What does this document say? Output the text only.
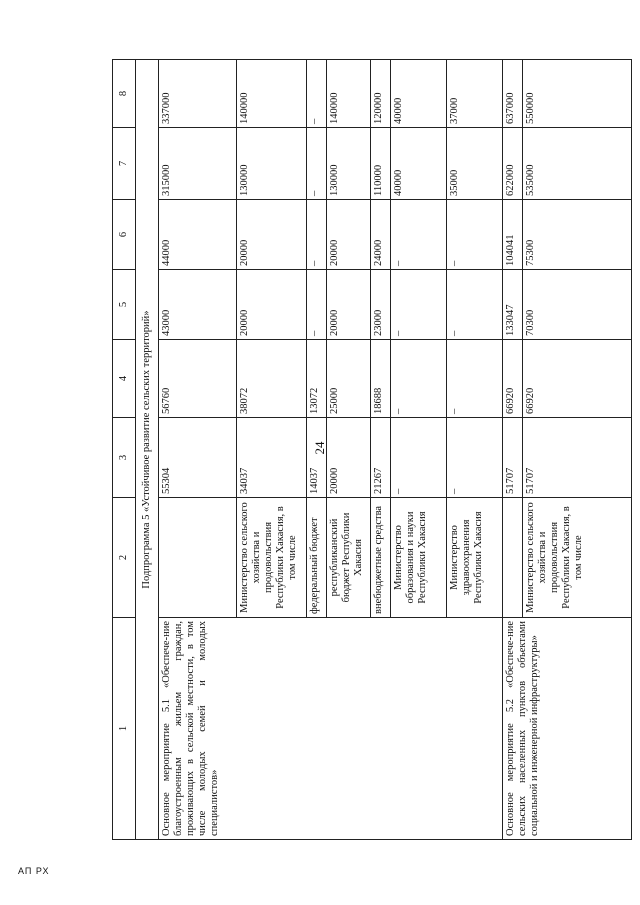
24
АП РХ
1	2	3	4	5	6	7	8
Подпрограмма 5 «Устойчивое развитие сельских территорий»							
Основное мероприятие 5.1 «Обеспече-ние благоустроенным жильем граждан, проживающих в сельской местности, в том числе молодых семей и молодых специалистов»		55304	56760	43000	44000	315000	337000
	Министерство сельского хозяйства и продовольствия Республики Хакасия, в том числе	34037	38072	20000	20000	130000	140000
	федеральный бюджет	14037	13072	–	–	–	–
	республиканский бюджет Республики Хакасия	20000	25000	20000	20000	130000	140000
	внебюджетные средства	21267	18688	23000	24000	110000	120000
	Министерство образования и науки Республики Хакасия	–	–	–	–	40000	40000
	Министерство здравоохранения Республики Хакасия	–	–	–	–	35000	37000
Основное мероприятие 5.2 «Обеспече-ние сельских населенных пунктов объектами социальной и инженерной инфраструктуры»		51707	66920	133047	104041	622000	637000
	Министерство сельского хозяйства и продовольствия Республики Хакасия, в том числе	51707	66920	70300	75300	535000	550000
